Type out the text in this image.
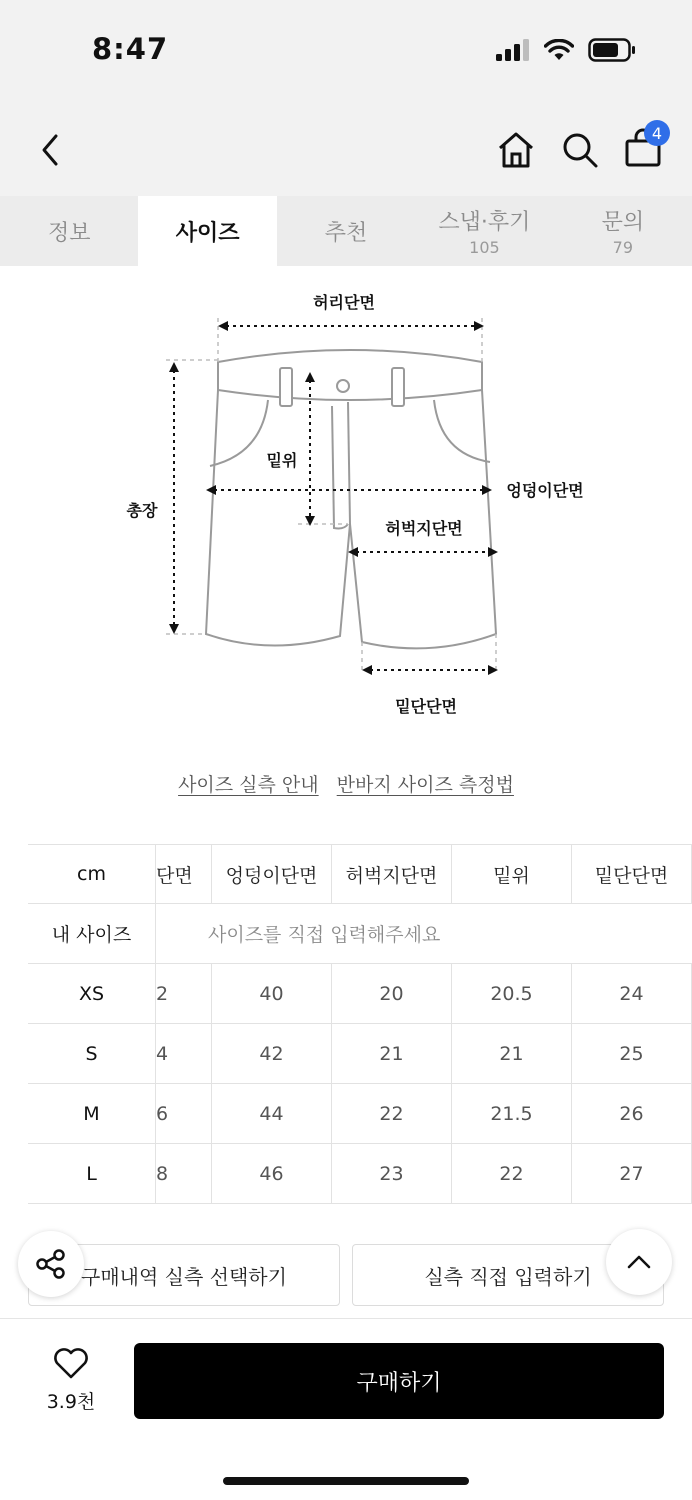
8:47
4
정보	사이즈	추천	스냅·후기
105
문의
79
허리단면
밑위
엉덩이단면
총장
허벅지단면
밑단단면
사이즈 실측 안내 반바지 사이즈 측정법
cm	단면	엉덩이단면	허벅지단면	밑위	밑단단면
내 사이즈	사이즈를 직접 입력해주세요
XS	2	40	20	20.5	24
S	4	42	21	21	25
M	6	44	22	21.5	26
L	8	46	23	22	27
구매내역 실측 선택하기	실측 직접 입력하기
3.9천
구매하기
